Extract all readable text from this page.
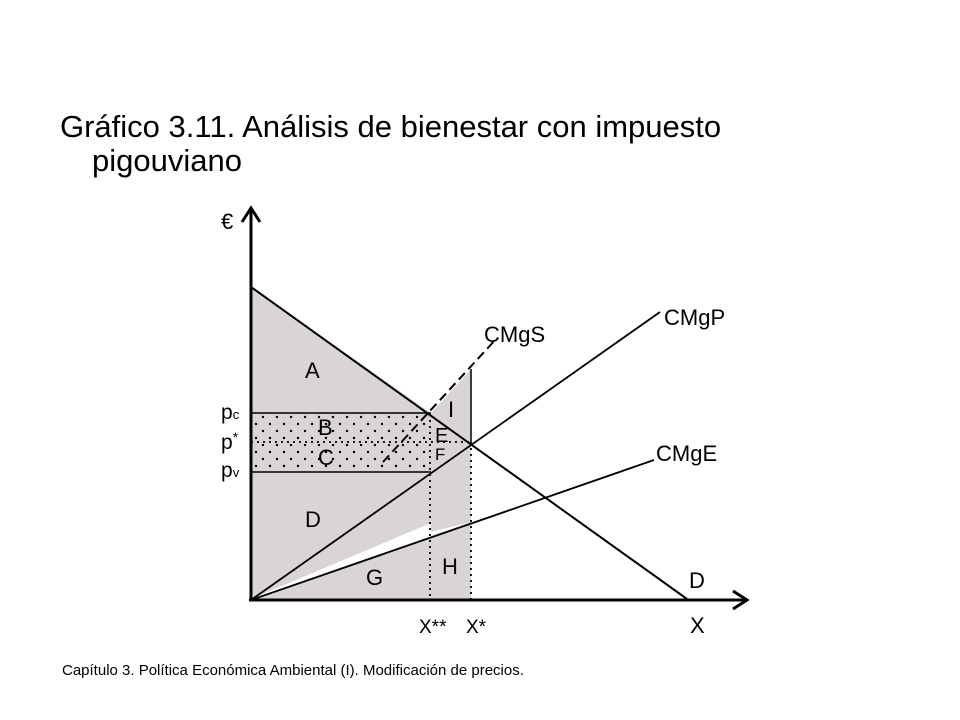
Gráfico 3.11. Análisis de bienestar con impuesto
pigouviano
€
X
pc
p*
pv
X** X*
CMgS
CMgP
CMgE
D
A
B
C
D
E
F
G	H
I
Capítulo 3. Política Económica Ambiental (I). Modificación de precios.
